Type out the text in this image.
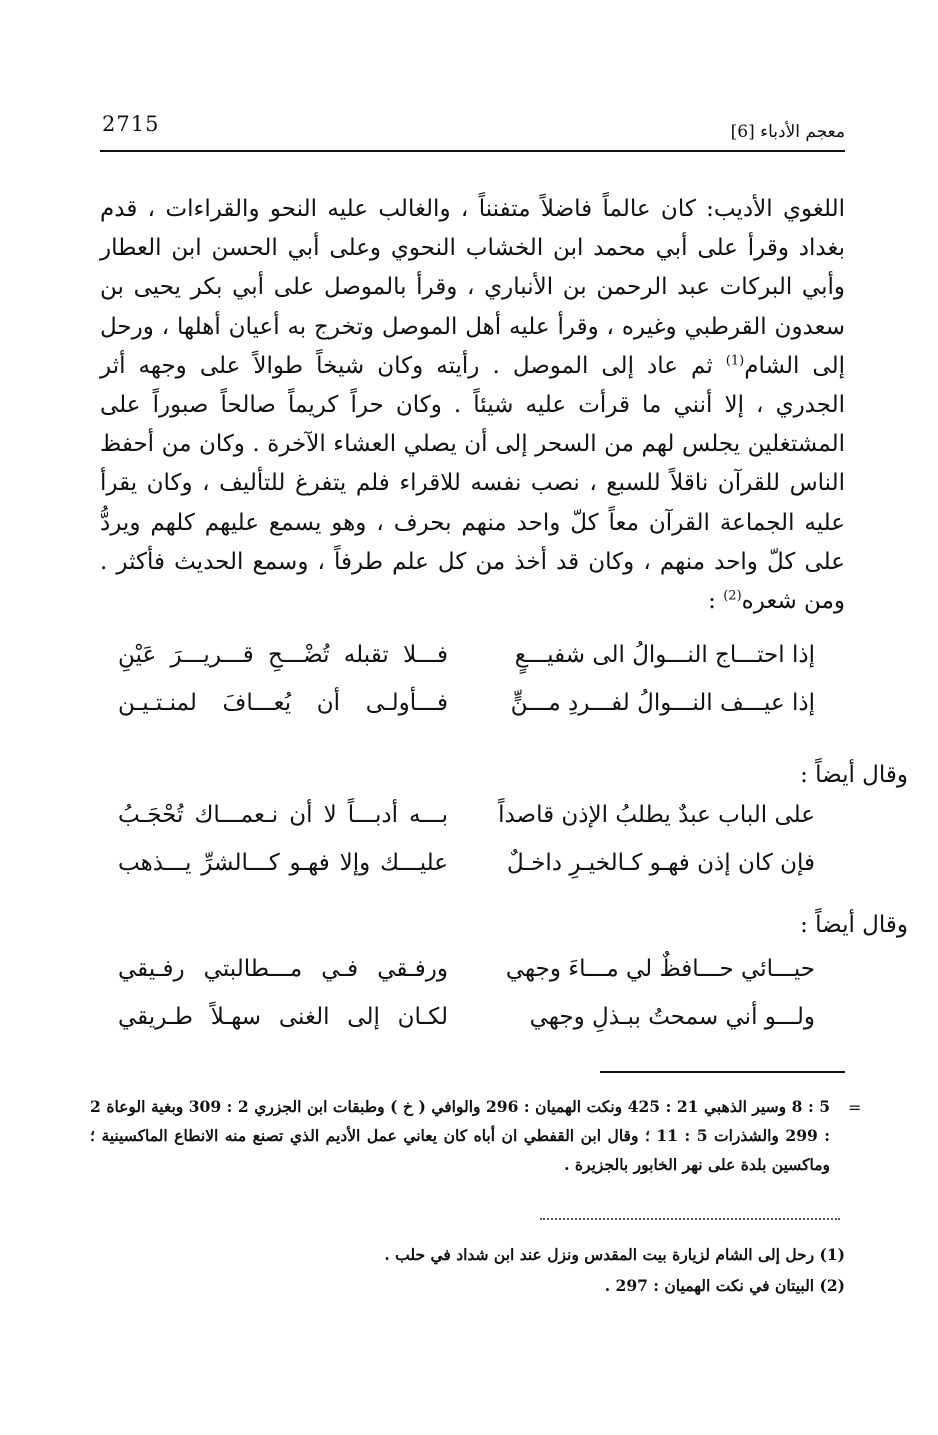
2715	معجم الأدباء [6]

اللغوي الأديب: كان عالماً فاضلاً متفنناً ، والغالب عليه النحو والقراءات ، قدم بغداد وقرأ على أبي محمد ابن الخشاب النحوي وعلى أبي الحسن ابن العطار وأبي البركات عبد الرحمن بن الأنباري ، وقرأ بالموصل على أبي بكر يحيى بن سعدون القرطبي وغيره ، وقرأ عليه أهل الموصل وتخرج به أعيان أهلها ، ورحل إلى الشام$^{(1)}$ ثم عاد إلى الموصل . رأيته وكان شيخاً طوالاً على وجهه أثر الجدري ، إلا أنني ما قرأت عليه شيئاً . وكان حراً كريماً صالحاً صبوراً على المشتغلين يجلس لهم من السحر إلى أن يصلي العشاء الآخرة . وكان من أحفظ الناس للقرآن ناقلاً للسبع ، نصب نفسه للاقراء فلم يتفرغ للتأليف ، وكان يقرأ عليه الجماعة القرآن معاً كلّ واحد منهم بحرف ، وهو يسمع عليهم كلهم ويردُّ على كلّ واحد منهم ، وكان قد أخذ من كل علم طرفاً ، وسمع الحديث فأكثر . ومن شعره$^{(2)}$ :

إذا احتـــاج النـــوالُ الى شفيـــعٍ
فـــلا تقبله تُضْـــحِ قـــريـــرَ عَيْنِ
إذا عيـــف النـــوالُ لفـــردِ مـــنٍّ
فـــأولـى أن يُعـــافَ لمنـتـيـن
وقال أيضاً :
على الباب عبدٌ يطلبُ الإذن قاصداً
بـــه أدبـــاً لا أن نـعمـــاك تُحْجَـبُ
فإن كان إذن فهـو كـالخيـرِ داخـلٌ
عليـــك وإلا فهـو كـــالشرِّ يـــذهب
وقال أيضاً :
حيـــائي حـــافظٌ لي مـــاءَ وجهي
ورفـقي فـي مـــطالبتي رفـيقي
ولـــو أني سمحتُ ببـذلِ وجهي
لكـان إلى الغنى سهـلاً طـريقي
=

5 : 8 وسير الذهبي 21 : 425 ونكت الهميان : 296 والوافي ( خ ) وطبقات ابن الجزري 2 : 309 وبغية الوعاة 2 : 299 والشذرات 5 : 11 ؛ وقال ابن القفطي ان أباه كان يعاني عمل الأديم الذي تصنع منه الانطاع الماكسينية ؛ وماكسين بلدة على نهر الخابور بالجزيرة .

(1) رحل إلى الشام لزيارة بيت المقدس ونزل عند ابن شداد في حلب .
(2) البيتان في نكت الهميان : 297 .
